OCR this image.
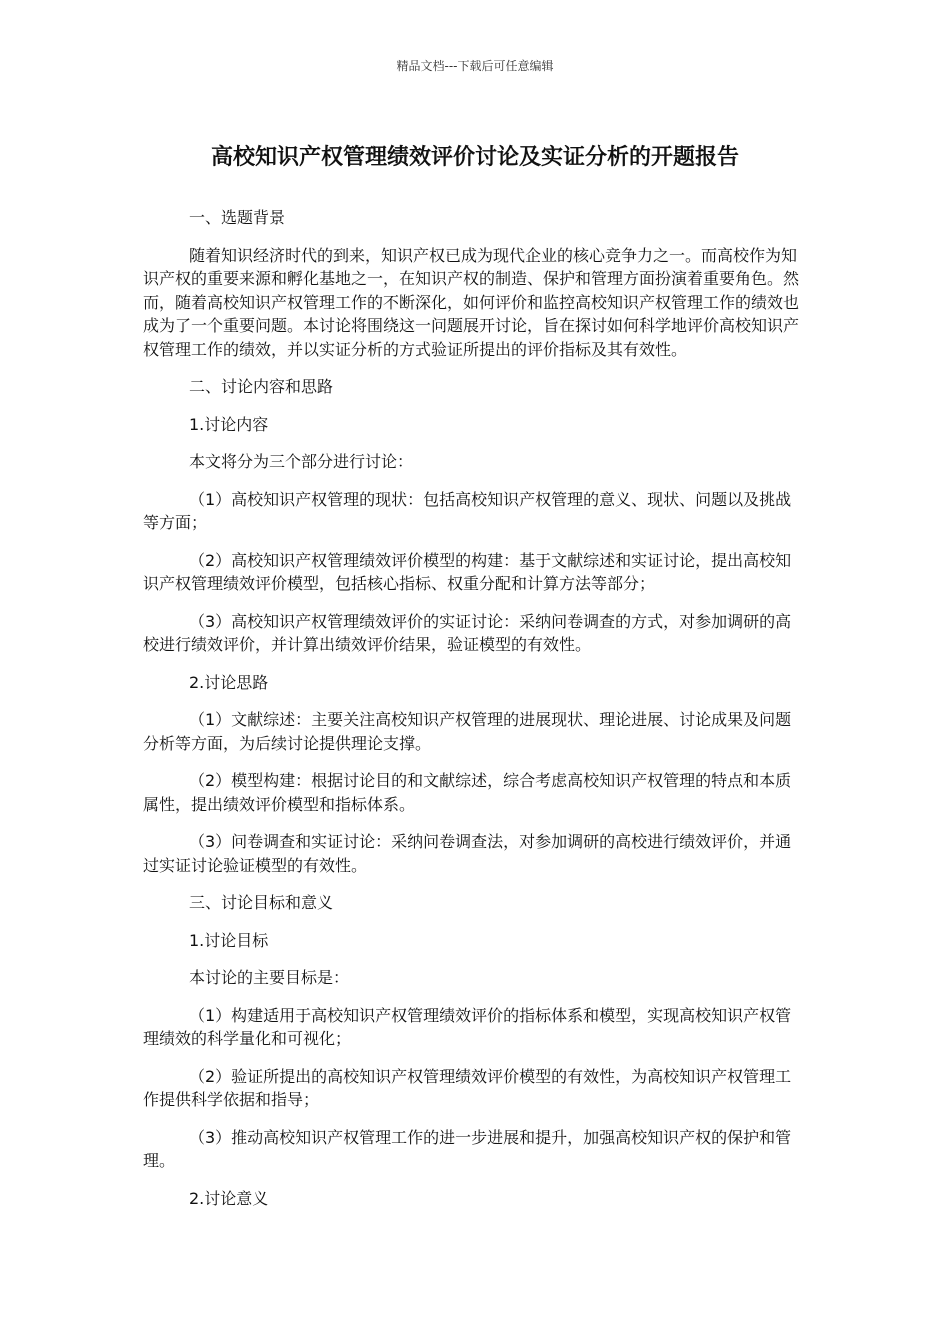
精品文档---下载后可任意编辑
高校知识产权管理绩效评价讨论及实证分析的开题报告

一、选题背景

随着知识经济时代的到来，知识产权已成为现代企业的核心竞争力之一。而高校作为知识产权的重要来源和孵化基地之一，在知识产权的制造、保护和管理方面扮演着重要角色。然而，随着高校知识产权管理工作的不断深化，如何评价和监控高校知识产权管理工作的绩效也成为了一个重要问题。本讨论将围绕这一问题展开讨论，旨在探讨如何科学地评价高校知识产权管理工作的绩效，并以实证分析的方式验证所提出的评价指标及其有效性。

二、讨论内容和思路

1.讨论内容

本文将分为三个部分进行讨论：

（1）高校知识产权管理的现状：包括高校知识产权管理的意义、现状、问题以及挑战等方面；

（2）高校知识产权管理绩效评价模型的构建：基于文献综述和实证讨论，提出高校知识产权管理绩效评价模型，包括核心指标、权重分配和计算方法等部分；

（3）高校知识产权管理绩效评价的实证讨论：采纳问卷调查的方式，对参加调研的高校进行绩效评价，并计算出绩效评价结果，验证模型的有效性。

2.讨论思路

（1）文献综述：主要关注高校知识产权管理的进展现状、理论进展、讨论成果及问题分析等方面，为后续讨论提供理论支撑。

（2）模型构建：根据讨论目的和文献综述，综合考虑高校知识产权管理的特点和本质属性，提出绩效评价模型和指标体系。

（3）问卷调查和实证讨论：采纳问卷调查法，对参加调研的高校进行绩效评价，并通过实证讨论验证模型的有效性。

三、讨论目标和意义

1.讨论目标

本讨论的主要目标是：

（1）构建适用于高校知识产权管理绩效评价的指标体系和模型，实现高校知识产权管理绩效的科学量化和可视化；

（2）验证所提出的高校知识产权管理绩效评价模型的有效性，为高校知识产权管理工作提供科学依据和指导；

（3）推动高校知识产权管理工作的进一步进展和提升，加强高校知识产权的保护和管理。

2.讨论意义
